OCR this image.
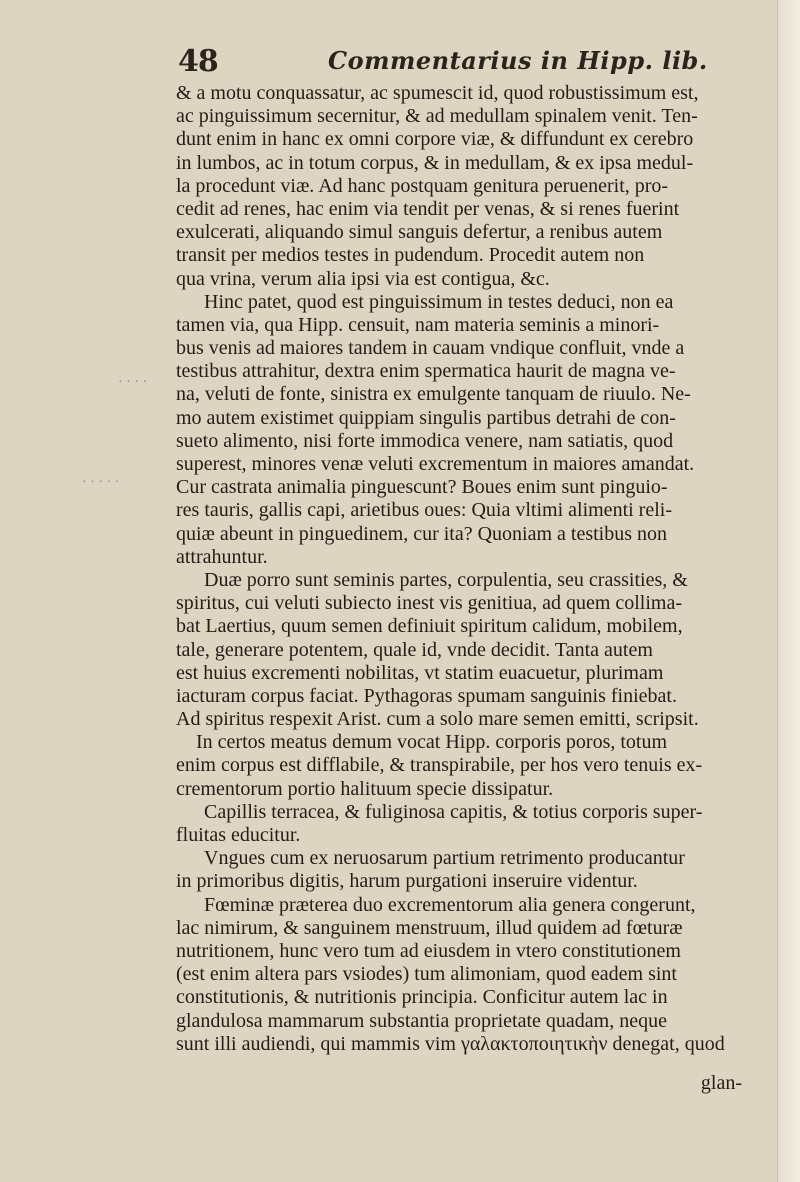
48	Commentarius in Hipp. lib.
· · · ·
· · · · ·
& a motu conquassatur, ac spumescit id, quod robustissimum est,
ac pinguissimum secernitur, & ad medullam spinalem venit. Ten-
dunt enim in hanc ex omni corpore viæ, & diffundunt ex cerebro
in lumbos, ac in totum corpus, & in medullam, & ex ipsa medul-
la procedunt viæ. Ad hanc postquam genitura peruenerit, pro-
cedit ad renes, hac enim via tendit per venas, & si renes fuerint
exulcerati, aliquando simul sanguis defertur, a renibus autem
transit per medios testes in pudendum. Procedit autem non
qua vrina, verum alia ipsi via est contigua, &c.
Hinc patet, quod est pinguissimum in testes deduci, non ea
tamen via, qua Hipp. censuit, nam materia seminis a minori-
bus venis ad maiores tandem in cauam vndique confluit, vnde a
testibus attrahitur, dextra enim spermatica haurit de magna ve-
na, veluti de fonte, sinistra ex emulgente tanquam de riuulo. Ne-
mo autem existimet quippiam singulis partibus detrahi de con-
sueto alimento, nisi forte immodica venere, nam satiatis, quod
superest, minores venæ veluti excrementum in maiores amandat.
Cur castrata animalia pinguescunt? Boues enim sunt pinguio-
res tauris, gallis capi, arietibus oues: Quia vltimi alimenti reli-
quiæ abeunt in pinguedinem, cur ita? Quoniam a testibus non
attrahuntur.
Duæ porro sunt seminis partes, corpulentia, seu crassities, &
spiritus, cui veluti subiecto inest vis genitiua, ad quem collima-
bat Laertius, quum semen definiuit spiritum calidum, mobilem,
tale, generare potentem, quale id, vnde decidit. Tanta autem
est huius excrementi nobilitas, vt statim euacuetur, plurimam
iacturam corpus faciat. Pythagoras spumam sanguinis finiebat.
Ad spiritus respexit Arist. cum a solo mare semen emitti, scripsit.
In certos meatus demum vocat Hipp. corporis poros, totum
enim corpus est difflabile, & transpirabile, per hos vero tenuis ex-
crementorum portio halituum specie dissipatur.
Capillis terracea, & fuliginosa capitis, & totius corporis super-
fluitas educitur.
Vngues cum ex neruosarum partium retrimento producantur
in primoribus digitis, harum purgationi inseruire videntur.
Fœminæ præterea duo excrementorum alia genera congerunt,
lac nimirum, & sanguinem menstruum, illud quidem ad fœturæ
nutritionem, hunc vero tum ad eiusdem in vtero constitutionem
(est enim altera pars vsiodes) tum alimoniam, quod eadem sint
constitutionis, & nutritionis principia. Conficitur autem lac in
glandulosa mammarum substantia proprietate quadam, neque
sunt illi audiendi, qui mammis vim γαλακτοποιητικὴν denegat, quod
glan-
